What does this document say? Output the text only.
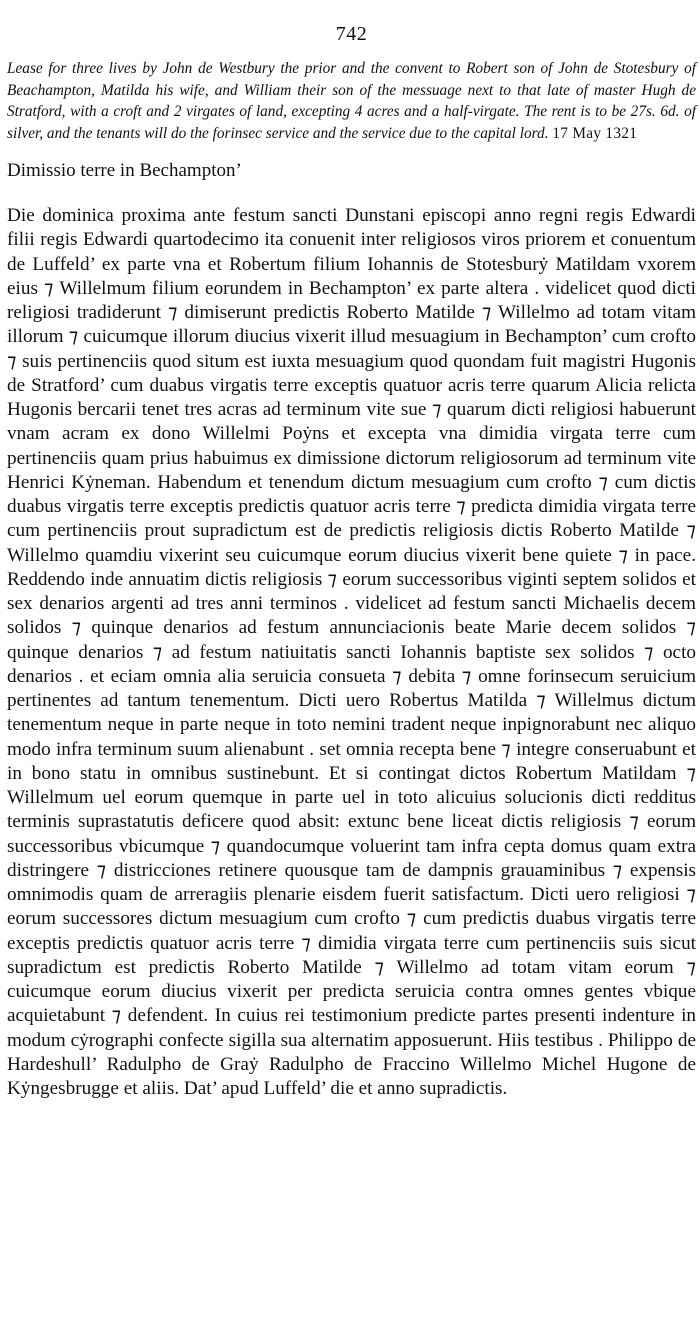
742
Lease for three lives by John de Westbury the prior and the convent to Robert son of John de Stotesbury of Beachampton, Matilda his wife, and William their son of the messuage next to that late of master Hugh de Stratford, with a croft and 2 virgates of land, excepting 4 acres and a half-virgate. The rent is to be 27s. 6d. of silver, and the tenants will do the forinsec service and the service due to the capital lord. 17 May 1321
Dimissio terre in Bechampton’
Die dominica proxima ante festum sancti Dunstani episcopi anno regni regis Edwardi filii regis Edwardi quartodecimo ita conuenit inter religiosos viros priorem et conuentum de Luffeld’ ex parte vna et Robertum filium Iohannis de Stotesburẏ Matildam vxorem eius ⁊ Willelmum filium eorundem in Bechampton’ ex parte altera . videlicet quod dicti religiosi tradiderunt ⁊ dimiserunt predictis Roberto Matilde ⁊ Willelmo ad totam vitam illorum ⁊ cuicumque illorum diucius vixerit illud mesuagium in Bechampton’ cum crofto ⁊ suis pertinenciis quod situm est iuxta mesuagium quod quondam fuit magistri Hugonis de Stratford’ cum duabus virgatis terre exceptis quatuor acris terre quarum Alicia relicta Hugonis bercarii tenet tres acras ad terminum vite sue ⁊ quarum dicti religiosi habuerunt vnam acram ex dono Willelmi Poẏns et excepta vna dimidia virgata terre cum pertinenciis quam prius habuimus ex dimissione dictorum religiosorum ad terminum vite Henrici Kẏneman. Habendum et tenendum dictum mesuagium cum crofto ⁊ cum dictis duabus virgatis terre exceptis predictis quatuor acris terre ⁊ predicta dimidia virgata terre cum pertinenciis prout supradictum est de predictis religiosis dictis Roberto Matilde ⁊ Willelmo quamdiu vixerint seu cuicumque eorum diucius vixerit bene quiete ⁊ in pace. Reddendo inde annuatim dictis religiosis ⁊ eorum successoribus viginti septem solidos et sex denarios argenti ad tres anni terminos . videlicet ad festum sancti Michaelis decem solidos ⁊ quinque denarios ad festum annunciacionis beate Marie decem solidos ⁊ quinque denarios ⁊ ad festum natiuitatis sancti Iohannis baptiste sex solidos ⁊ octo denarios . et eciam omnia alia seruicia consueta ⁊ debita ⁊ omne forinsecum seruicium pertinentes ad tantum tenementum. Dicti uero Robertus Matilda ⁊ Willelmus dictum tenementum neque in parte neque in toto nemini tradent neque inpignorabunt nec aliquo modo infra terminum suum alienabunt . set omnia recepta bene ⁊ integre conseruabunt et in bono statu in omnibus sustinebunt. Et si contingat dictos Robertum Matildam ⁊ Willelmum uel eorum quemque in parte uel in toto alicuius solucionis dicti redditus terminis suprastatutis deficere quod absit: extunc bene liceat dictis religiosis ⁊ eorum successoribus vbicumque ⁊ quandocumque voluerint tam infra cepta domus quam extra distringere ⁊ districciones retinere quousque tam de dampnis grauaminibus ⁊ expensis omnimodis quam de arreragiis plenarie eisdem fuerit satisfactum. Dicti uero religiosi ⁊ eorum successores dictum mesuagium cum crofto ⁊ cum predictis duabus virgatis terre exceptis predictis quatuor acris terre ⁊ dimidia virgata terre cum pertinenciis suis sicut supradictum est predictis Roberto Matilde ⁊ Willelmo ad totam vitam eorum ⁊ cuicumque eorum diucius vixerit per predicta seruicia contra omnes gentes vbique acquietabunt ⁊ defendent. In cuius rei testimonium predicte partes presenti indenture in modum cẏrographi confecte sigilla sua alternatim apposuerunt. Hiis testibus . Philippo de Hardeshull’ Radulpho de Graẏ Radulpho de Fraccino Willelmo Michel Hugone de Kẏngesbrugge et aliis. Dat’ apud Luffeld’ die et anno supradictis.
